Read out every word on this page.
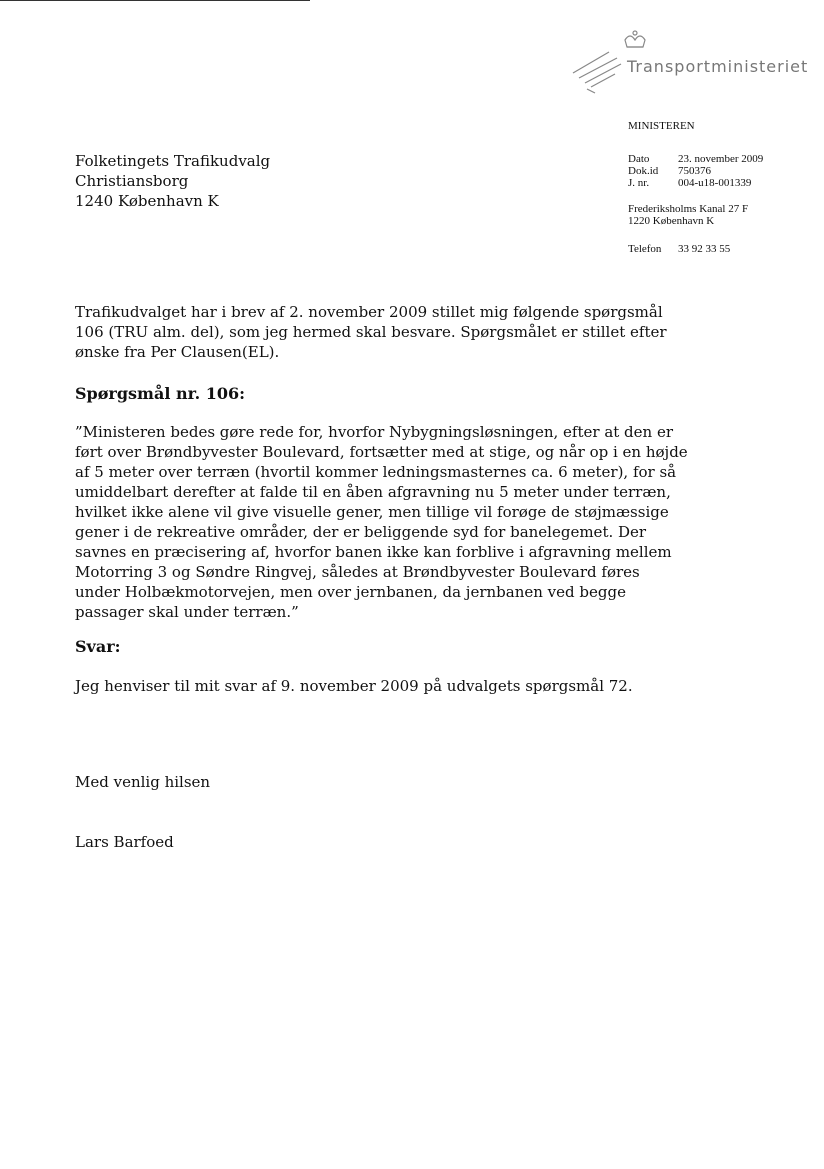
Transportministeriet
MINISTEREN
Dato	23. november 2009
Dok.id	750376
J. nr.	004-u18-001339
Frederiksholms Kanal 27 F
1220 København K
Telefon	33 92 33 55
Folketingets Trafikudvalg
Christiansborg
1240 København K
Trafikudvalget har i brev af 2. november 2009 stillet mig følgende spørgsmål
106 (TRU alm. del), som jeg hermed skal besvare. Spørgsmålet er stillet efter
ønske fra Per Clausen(EL).
Spørgsmål nr. 106:
”Ministeren bedes gøre rede for, hvorfor Nybygningsløsningen, efter at den er
ført over Brøndbyvester Boulevard, fortsætter med at stige, og når op i en højde
af 5 meter over terræn (hvortil kommer ledningsmasternes ca. 6 meter), for så
umiddelbart derefter at falde til en åben afgravning nu 5 meter under terræn,
hvilket ikke alene vil give visuelle gener, men tillige vil forøge de støjmæssige
gener i de rekreative områder, der er beliggende syd for banelegemet. Der
savnes en præcisering af, hvorfor banen ikke kan forblive i afgravning mellem
Motorring 3 og Søndre Ringvej, således at Brøndbyvester Boulevard føres
under Holbækmotorvejen, men over jernbanen, da jernbanen ved begge
passager skal under terræn.”
Svar:
Jeg henviser til mit svar af 9. november 2009 på udvalgets spørgsmål 72.
Med venlig hilsen
Lars Barfoed
